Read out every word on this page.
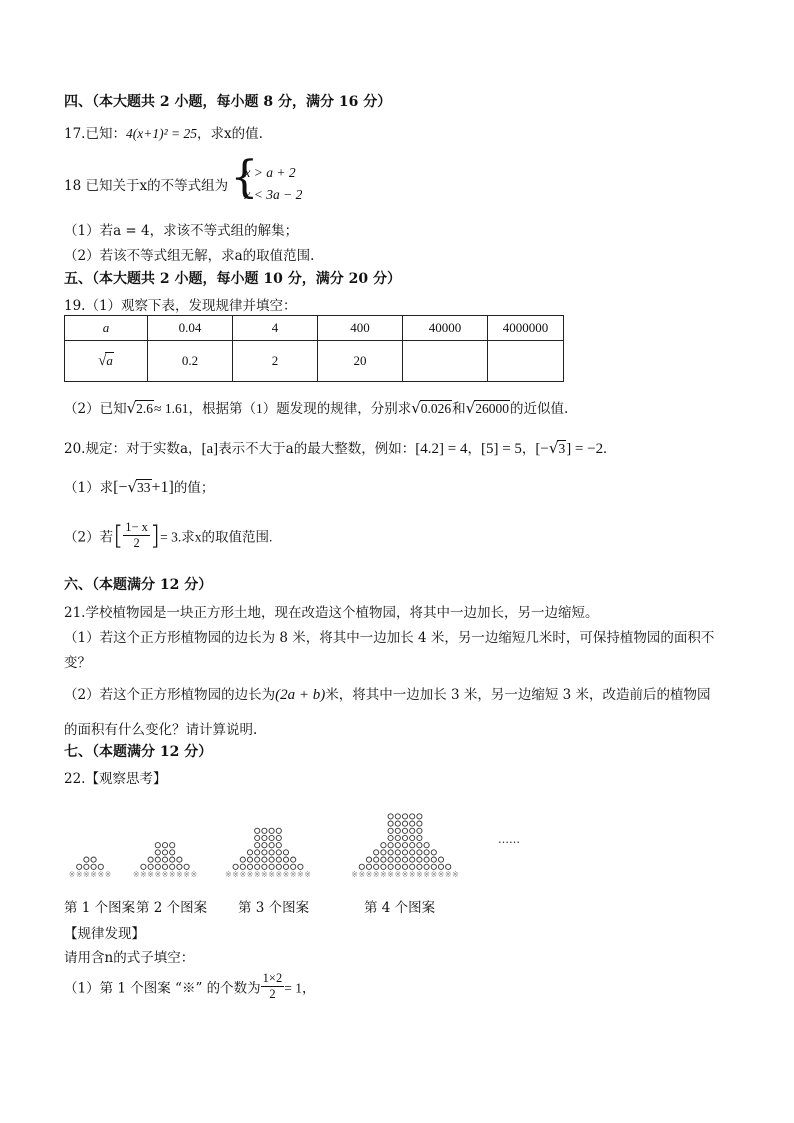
四、（本大题共 2 小题，每小题 8 分，满分 16 分）
17.已知：4(x+1)² = 25，求x的值.
18 已知关于x的不等式组为 {
x > a + 2
x < 3a − 2
（1）若a = 4，求该不等式组的解集；
（2）若该不等式组无解，求a的取值范围.
五、（本大题共 2 小题，每小题 10 分，满分 20 分）
19.（1）观察下表，发现规律并填空：
a	0.04	4	400	40000	4000000
√a	0.2	2	20		
（2）已知√2.6≈ 1.61，根据第（1）题发现的规律，分别求√0.026和√26000的近似值.
20.规定：对于实数a，[a]表示不大于a的最大整数，例如：[4.2] = 4，[5] = 5，[−√3] = −2.
（1）求[−√33+1]的值；
（2）若[ $\frac{1- x}{2}$ ]= 3.求x的取值范围.
六、（本题满分 12 分）
21.学校植物园是一块正方形土地，现在改造这个植物园，将其中一边加长，另一边缩短。
（1）若这个正方形植物园的边长为 8 米，将其中一边加长 4 米，另一边缩短几米时，可保持植物园的面积不
变？
（2）若这个正方形植物园的边长为(2a + b)米，将其中一边加长 3 米，另一边缩短 3 米，改造前后的植物园
的面积有什么变化？请计算说明.
七、（本题满分 12 分）
22.【观察思考】
※ ※ ※ ※ ※ ※	※ ※ ※ ※ ※ ※ ※ ※ ※	※ ※ ※ ※ ※ ※ ※ ※ ※ ※ ※ ※	※ ※ ※ ※ ※ ※ ※ ※ ※ ※ ※ ※ ※ ※ ※
……
第 1 个图案 第 2 个图案 第 3 个图案	第 4 个图案
【规律发现】
请用含n的式子填空：
（1）第 1 个图案 “※” 的个数为 $\frac{1\times 2}{2} = 1$，
